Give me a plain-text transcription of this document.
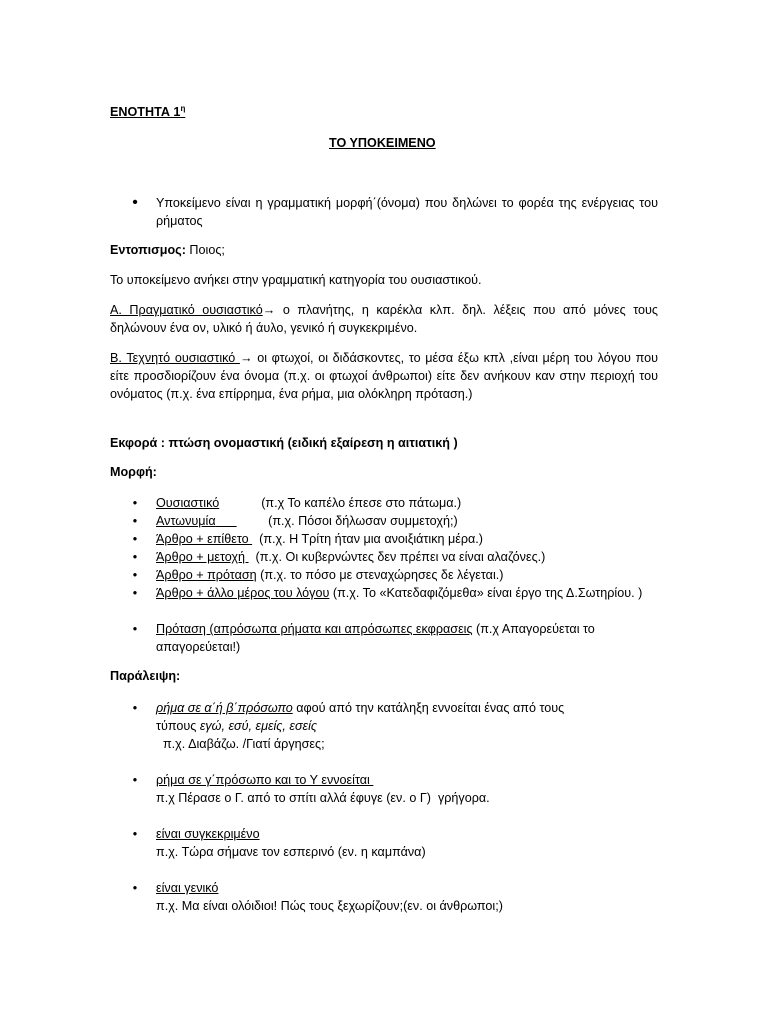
ΕΝΟΤΗΤΑ $1^\eta$
ΤΟ ΥΠΟΚΕΙΜΕΝΟ
• Υποκείμενο είναι η γραμματική μορφή΄(όνομα) που δηλώνει το φορέα της ενέργειας του ρήματος
Εντοπισμος: Ποιος;
Το υποκείμενο ανήκει στην γραμματική κατηγορία του ουσιαστικού.
Α. Πραγματικό ουσιαστικό→ ο πλανήτης, η καρέκλα κλπ. δηλ. λέξεις που από μόνες τους δηλώνουν ένα ον, υλικό ή άυλο, γενικό ή συγκεκριμένο.
Β. Τεχνητό ουσιαστικό → οι φτωχοί, οι διδάσκοντες, το μέσα έξω κπλ ,είναι μέρη του λόγου που είτε προσδιορίζουν ένα όνομα (π.χ. οι φτωχοί άνθρωποι) είτε δεν ανήκουν καν στην περιοχή του ονόματος (π.χ. ένα επίρρημα, ένα ρήμα, μια ολόκληρη πρόταση.)
Εκφορά : πτώση ονομαστική (ειδική εξαίρεση η αιτιατική )
Μορφή:
• Ουσιαστικό	(π.χ Το καπέλο έπεσε στο πάτωμα.)
• Αντωνυμία	(π.χ. Πόσοι δήλωσαν συμμετοχή;)
• Άρθρο + επίθετο   (π.χ. Η Τρίτη ήταν μια ανοιξιάτικη μέρα.)
• Άρθρο + μετοχή   (π.χ. Οι κυβερνώντες δεν πρέπει να είναι αλαζόνες.)
• Άρθρο + πρόταση (π.χ. το πόσο με στεναχώρησες δε λέγεται.)
• Άρθρο + άλλο μέρος του λόγου (π.χ. Το «Κατεδαφιζόμεθα» είναι έργο της Δ.Σωτηρίου. )
• Πρόταση (απρόσωπα ρήματα και απρόσωπες εκφρασεις (π.χ Απαγορεύεται το απαγορεύεται!)
Παράλειψη:
• ρήμα σε α΄ή β΄πρόσωπο αφού από την κατάληξη εννοείται ένας από τους
τύπους εγώ, εσύ, εμείς, εσείς
π.χ. Διαβάζω. /Γιατί άργησες;
• ρήμα σε γ΄πρόσωπο και το Υ εννοείται
π.χ Πέρασε ο Γ. από το σπίτι αλλά έφυγε (εν. ο Γ)  γρήγορα.
• είναι συγκεκριμένο
π.χ. Τώρα σήμανε τον εσπερινό (εν. η καμπάνα)
• είναι γενικό
π.χ. Μα είναι ολόιδιοι! Πώς τους ξεχωρίζουν;(εν. οι άνθρωποι;)
